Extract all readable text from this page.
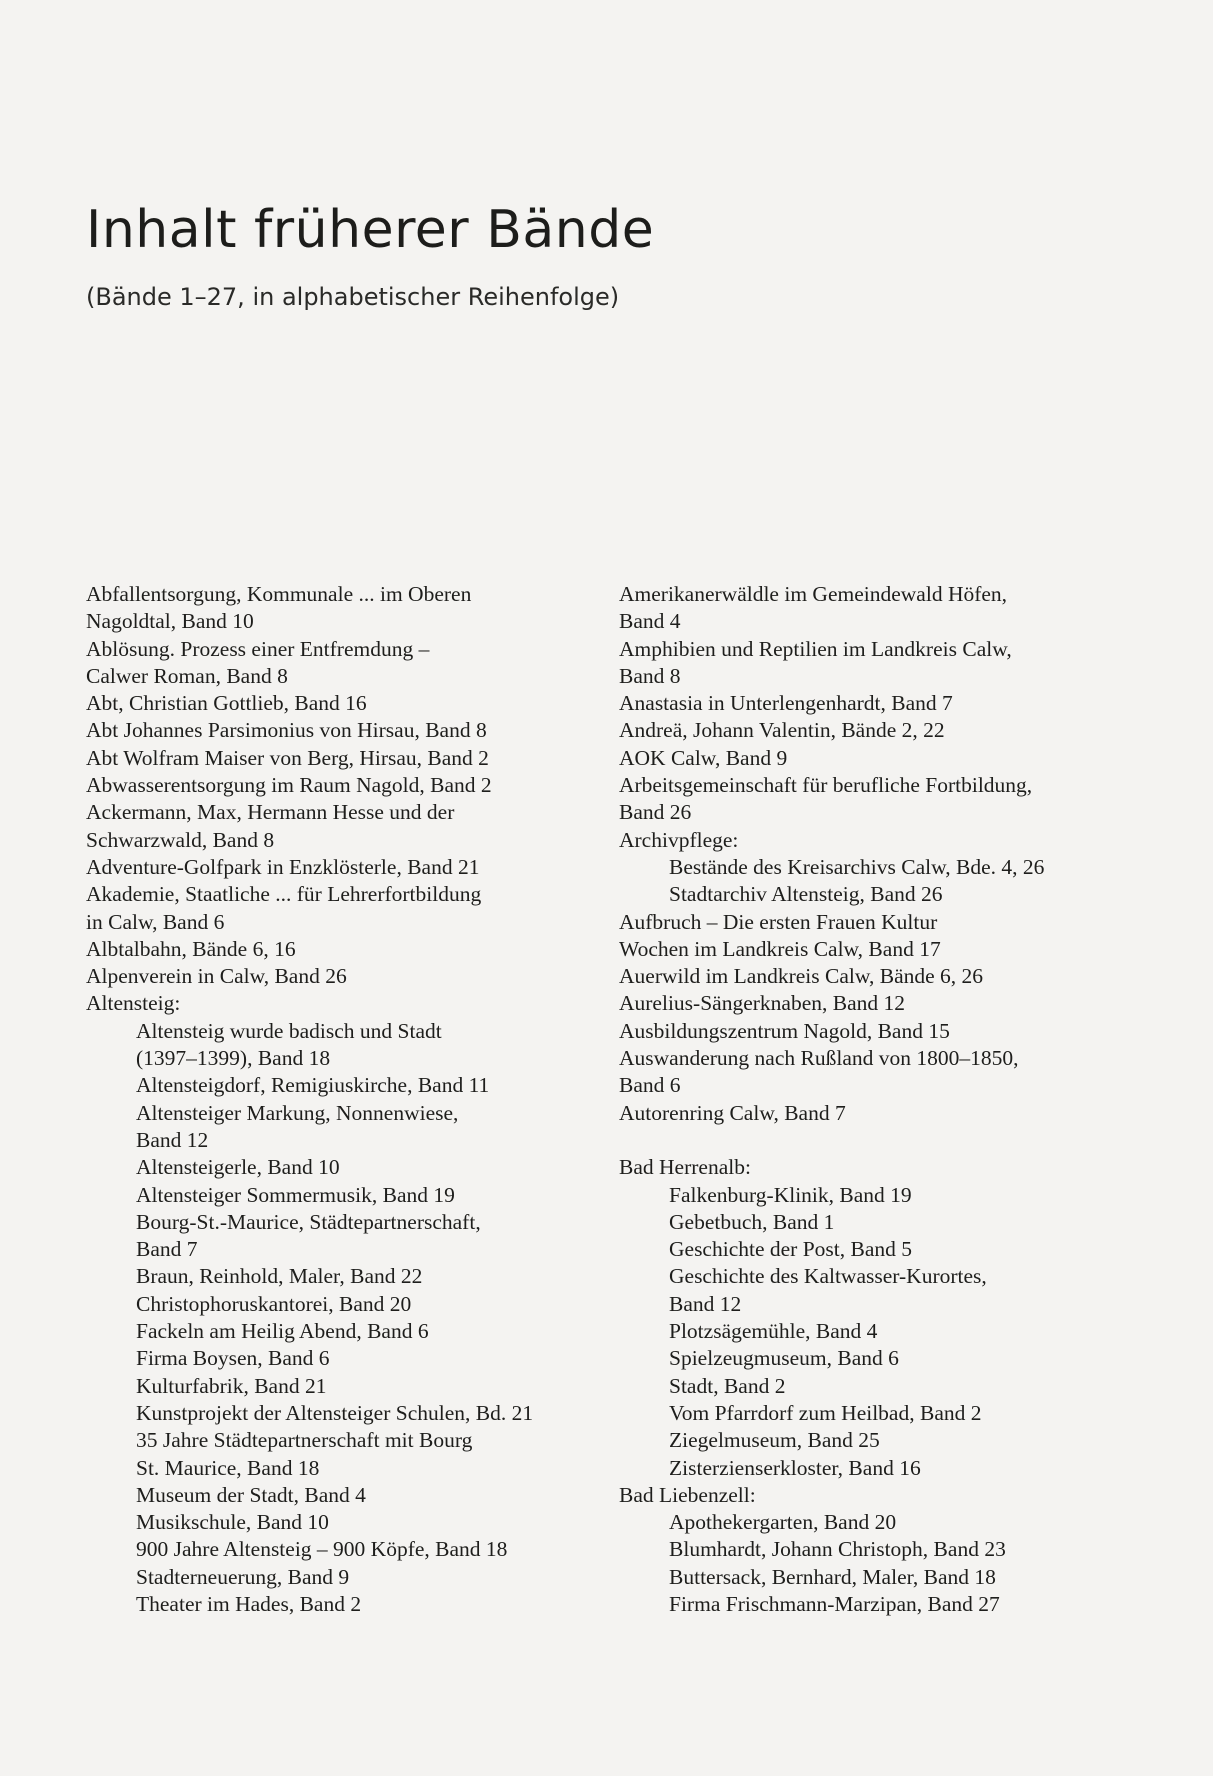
Inhalt früherer Bände
(Bände 1–27, in alphabetischer Reihenfolge)
Abfallentsorgung, Kommunale ... im Oberen
Nagoldtal, Band 10
Ablösung. Prozess einer Entfremdung –
Calwer Roman, Band 8
Abt, Christian Gottlieb, Band 16
Abt Johannes Parsimonius von Hirsau, Band 8
Abt Wolfram Maiser von Berg, Hirsau, Band 2
Abwasserentsorgung im Raum Nagold, Band 2
Ackermann, Max, Hermann Hesse und der
Schwarzwald, Band 8
Adventure-Golfpark in Enzklösterle, Band 21
Akademie, Staatliche ... für Lehrerfortbildung
in Calw, Band 6
Albtalbahn, Bände 6, 16
Alpenverein in Calw, Band 26
Altensteig:
Altensteig wurde badisch und Stadt
(1397–1399), Band 18
Altensteigdorf, Remigiuskirche, Band 11
Altensteiger Markung, Nonnenwiese,
Band 12
Altensteigerle, Band 10
Altensteiger Sommermusik, Band 19
Bourg-St.-Maurice, Städtepartnerschaft,
Band 7
Braun, Reinhold, Maler, Band 22
Christophoruskantorei, Band 20
Fackeln am Heilig Abend, Band 6
Firma Boysen, Band 6
Kulturfabrik, Band 21
Kunstprojekt der Altensteiger Schulen, Bd. 21
35 Jahre Städtepartnerschaft mit Bourg
St. Maurice, Band 18
Museum der Stadt, Band 4
Musikschule, Band 10
900 Jahre Altensteig – 900 Köpfe, Band 18
Stadterneuerung, Band 9
Theater im Hades, Band 2
Amerikanerwäldle im Gemeindewald Höfen,
Band 4
Amphibien und Reptilien im Landkreis Calw,
Band 8
Anastasia in Unterlengenhardt, Band 7
Andreä, Johann Valentin, Bände 2, 22
AOK Calw, Band 9
Arbeitsgemeinschaft für berufliche Fortbildung,
Band 26
Archivpflege:
Bestände des Kreisarchivs Calw, Bde. 4, 26
Stadtarchiv Altensteig, Band 26
Aufbruch – Die ersten Frauen Kultur
Wochen im Landkreis Calw, Band 17
Auerwild im Landkreis Calw, Bände 6, 26
Aurelius-Sängerknaben, Band 12
Ausbildungszentrum Nagold, Band 15
Auswanderung nach Rußland von 1800–1850,
Band 6
Autorenring Calw, Band 7
Bad Herrenalb:
Falkenburg-Klinik, Band 19
Gebetbuch, Band 1
Geschichte der Post, Band 5
Geschichte des Kaltwasser-Kurortes,
Band 12
Plotzsägemühle, Band 4
Spielzeugmuseum, Band 6
Stadt, Band 2
Vom Pfarrdorf zum Heilbad, Band 2
Ziegelmuseum, Band 25
Zisterzienserkloster, Band 16
Bad Liebenzell:
Apothekergarten, Band 20
Blumhardt, Johann Christoph, Band 23
Buttersack, Bernhard, Maler, Band 18
Firma Frischmann-Marzipan, Band 27
